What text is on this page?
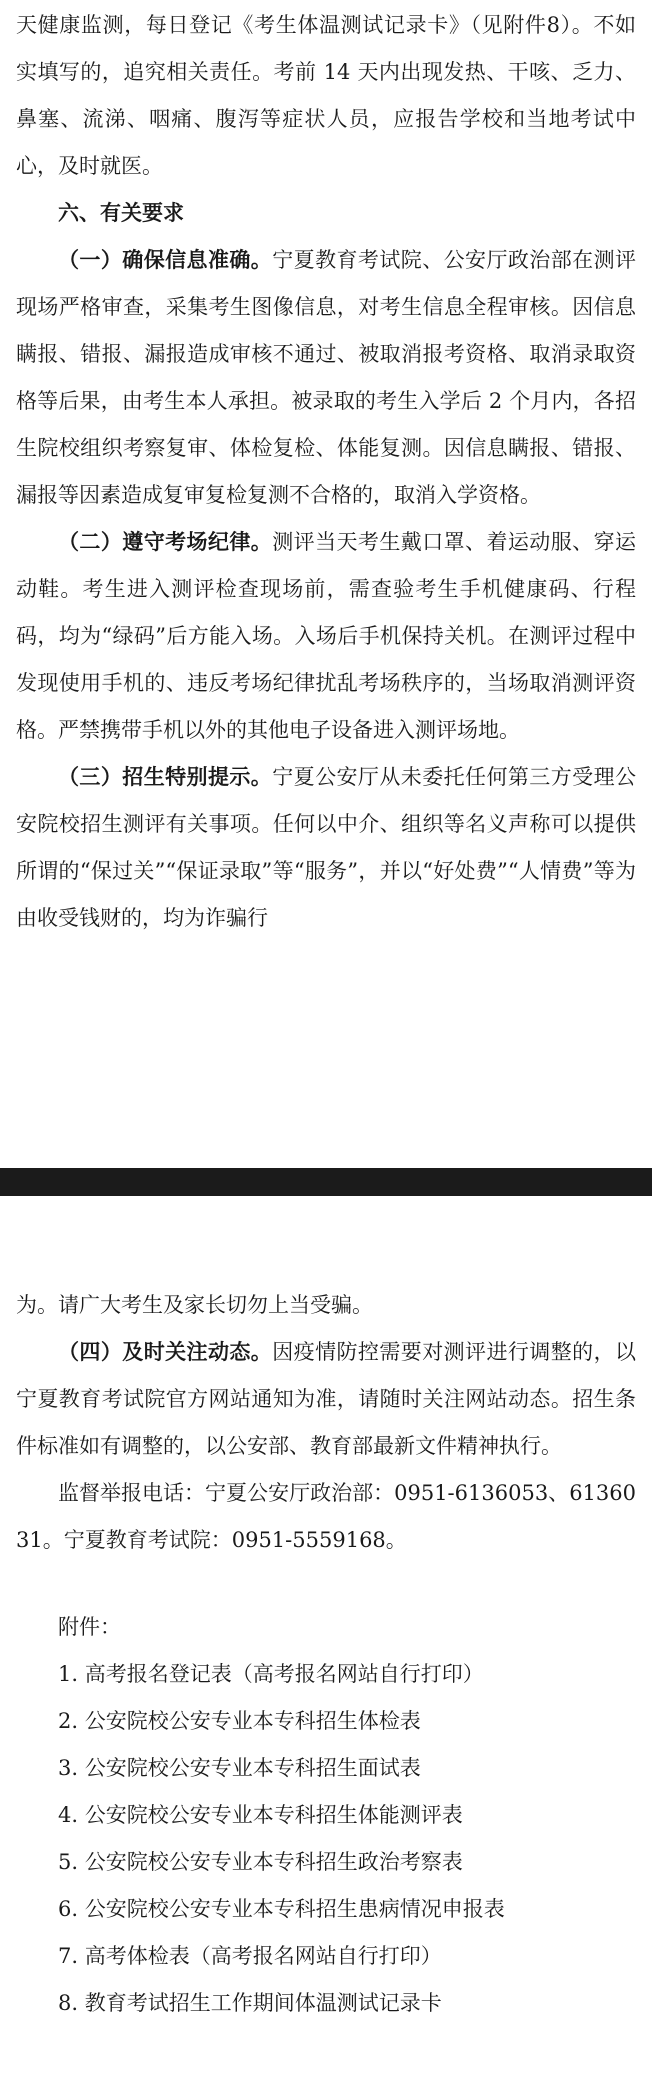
天健康监测，每日登记《考生体温测试记录卡》（见附件8）。不如实填写的，追究相关责任。考前 14 天内出现发热、干咳、乏力、鼻塞、流涕、咽痛、腹泻等症状人员，应报告学校和当地考试中心，及时就医。

六、有关要求

（一）确保信息准确。宁夏教育考试院、公安厅政治部在测评现场严格审查，采集考生图像信息，对考生信息全程审核。因信息瞒报、错报、漏报造成审核不通过、被取消报考资格、取消录取资格等后果，由考生本人承担。被录取的考生入学后 2 个月内，各招生院校组织考察复审、体检复检、体能复测。因信息瞒报、错报、漏报等因素造成复审复检复测不合格的，取消入学资格。

（二）遵守考场纪律。测评当天考生戴口罩、着运动服、穿运动鞋。考生进入测评检查现场前，需查验考生手机健康码、行程码，均为“绿码”后方能入场。入场后手机保持关机。在测评过程中发现使用手机的、违反考场纪律扰乱考场秩序的，当场取消测评资格。严禁携带手机以外的其他电子设备进入测评场地。

（三）招生特别提示。宁夏公安厅从未委托任何第三方受理公安院校招生测评有关事项。任何以中介、组织等名义声称可以提供所谓的“保过关”“保证录取”等“服务”，并以“好处费”“人情费”等为由收受钱财的，均为诈骗行

为。请广大考生及家长切勿上当受骗。

（四）及时关注动态。因疫情防控需要对测评进行调整的，以宁夏教育考试院官方网站通知为准，请随时关注网站动态。招生条件标准如有调整的，以公安部、教育部最新文件精神执行。

监督举报电话：宁夏公安厅政治部：0951-6136053、6136031。宁夏教育考试院：0951-5559168。

附件：

1. 高考报名登记表（高考报名网站自行打印）
2. 公安院校公安专业本专科招生体检表
3. 公安院校公安专业本专科招生面试表
4. 公安院校公安专业本专科招生体能测评表
5. 公安院校公安专业本专科招生政治考察表
6. 公安院校公安专业本专科招生患病情况申报表
7. 高考体检表（高考报名网站自行打印）
8. 教育考试招生工作期间体温测试记录卡
